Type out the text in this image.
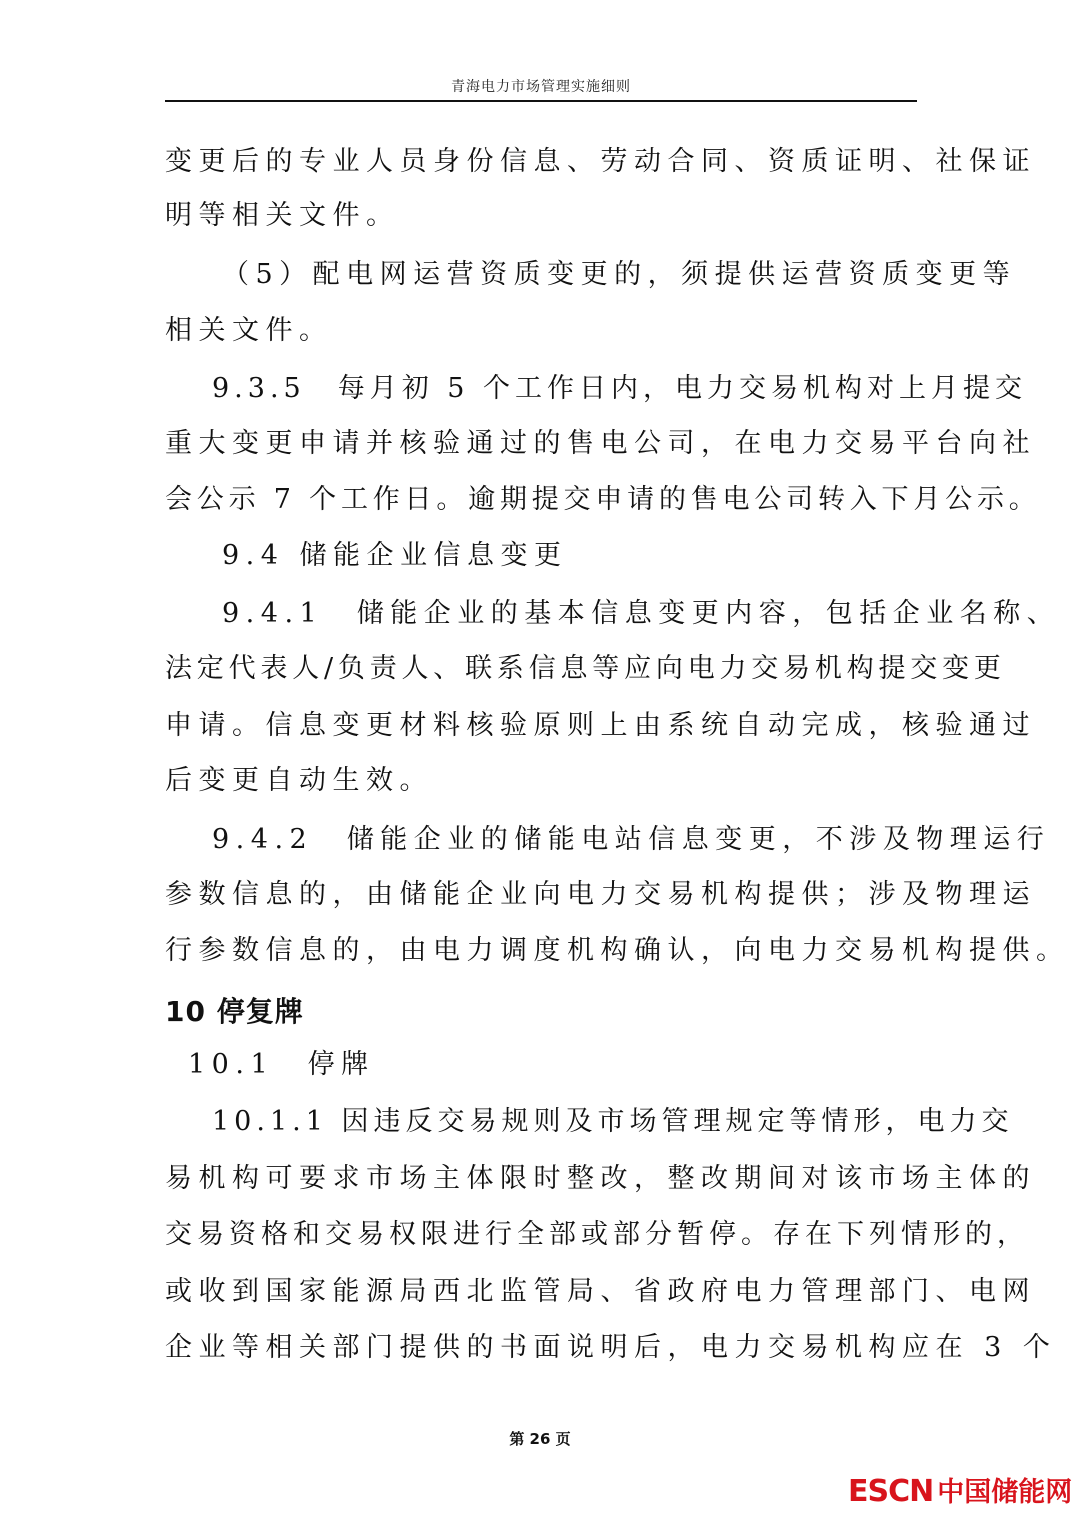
青海电力市场管理实施细则
变更后的专业人员身份信息、劳动合同、资质证明、社保证
明等相关文件。
（5）配电网运营资质变更的，须提供运营资质变更等
相关文件。
9.3.5　每月初 5 个工作日内，电力交易机构对上月提交
重大变更申请并核验通过的售电公司，在电力交易平台向社
会公示 7 个工作日。逾期提交申请的售电公司转入下月公示。
9.4 储能企业信息变更
9.4.1　储能企业的基本信息变更内容，包括企业名称、
法定代表人/负责人、联系信息等应向电力交易机构提交变更
申请。信息变更材料核验原则上由系统自动完成，核验通过
后变更自动生效。
9.4.2　储能企业的储能电站信息变更，不涉及物理运行
参数信息的，由储能企业向电力交易机构提供；涉及物理运
行参数信息的，由电力调度机构确认，向电力交易机构提供。
10 停复牌
10.1　停牌
10.1.1 因违反交易规则及市场管理规定等情形，电力交
易机构可要求市场主体限时整改，整改期间对该市场主体的
交易资格和交易权限进行全部或部分暂停。存在下列情形的，
或收到国家能源局西北监管局、省政府电力管理部门、电网
企业等相关部门提供的书面说明后，电力交易机构应在 3 个
第 26 页
ESCN 中国储能网
